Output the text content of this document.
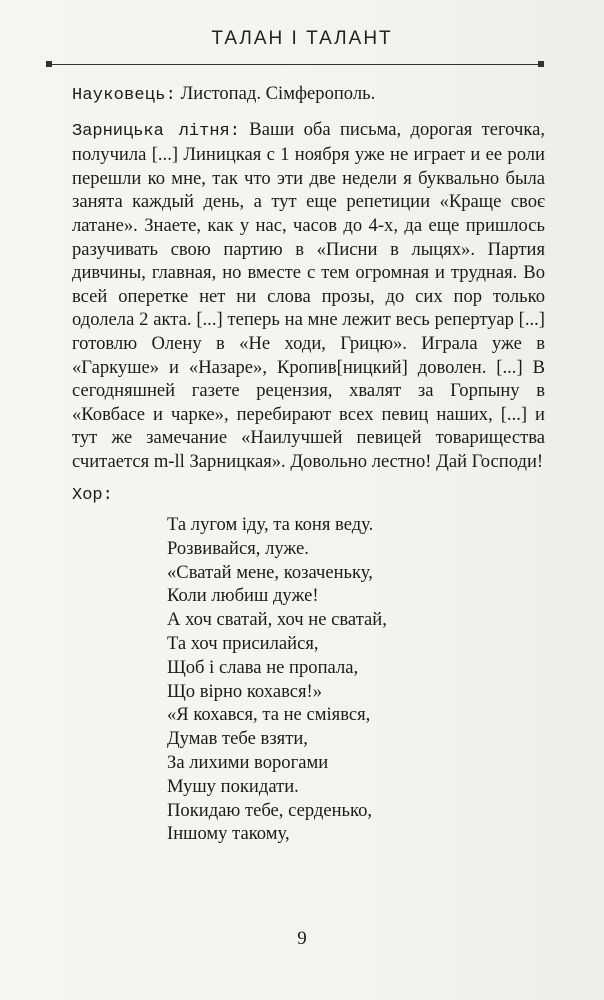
ТАЛАН І ТАЛАНТ

Науковець: Листопад. Сімферополь.

Зарницька літня: Ваши оба письма, дорогая тегочка, получила [...] Линицкая с 1 ноября уже не играет и ее роли перешли ко мне, так что эти две недели я буквально была занята каждый день, а тут еще репетиции «Краще своє латане». Знаете, как у нас, часов до 4-х, да еще пришлось разучивать свою партию в «Писни в лыцях». Партия дивчины, главная, но вместе с тем огромная и трудная. Во всей оперетке нет ни слова прозы, до сих пор только одолела 2 акта. [...] теперь на мне лежит весь репертуар [...] готовлю Олену в «Не ходи, Грицю». Играла уже в «Гаркуше» и «Назаре», Кропив[ницкий] доволен. [...] В сегодняшней газете рецензия, хвалят за Горпыну в «Ковбасе и чарке», перебирают всех певиц наших, [...] и тут же замечание «Наилучшей певицей товарищества считается m-ll Зарницкая». Довольно лестно! Дай Господи!

Хор:
Та лугом іду, та коня веду.
Розвивайся, луже.
«Сватай мене, козаченьку,
Коли любиш дуже!
А хоч сватай, хоч не сватай,
Та хоч присилайся,
Щоб і слава не пропала,
Що вірно кохався!»
«Я кохався, та не сміявся,
Думав тебе взяти,
За лихими ворогами
Мушу покидати.
Покидаю тебе, серденько,
Іншому такому,
9
